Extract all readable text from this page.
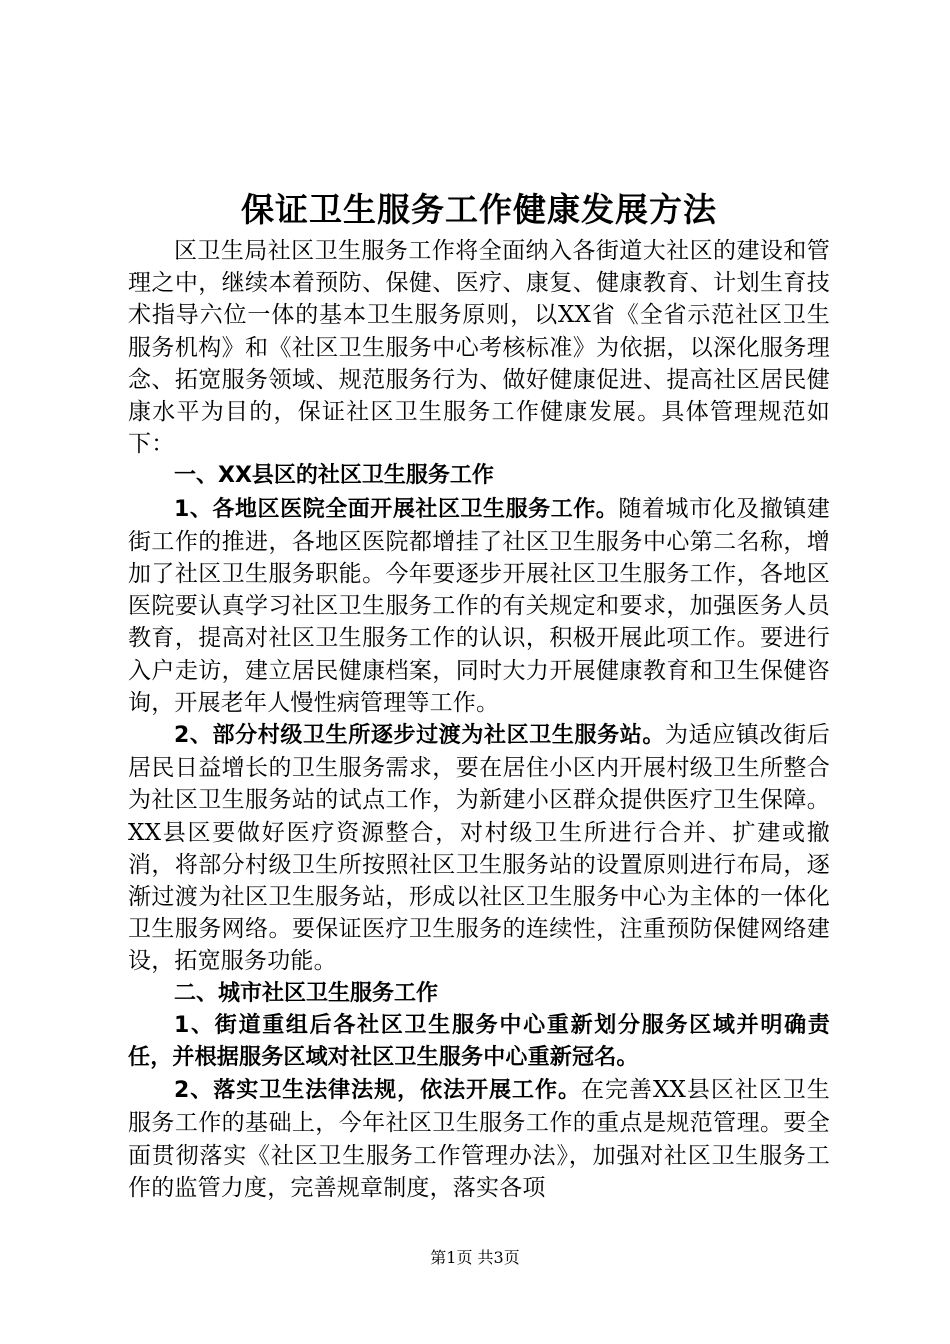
保证卫生服务工作健康发展方法

区卫生局社区卫生服务工作将全面纳入各街道大社区的建设和管理之中，继续本着预防、保健、医疗、康复、健康教育、计划生育技术指导六位一体的基本卫生服务原则，以XX省《全省示范社区卫生服务机构》和《社区卫生服务中心考核标准》为依据，以深化服务理念、拓宽服务领域、规范服务行为、做好健康促进、提高社区居民健康水平为目的，保证社区卫生服务工作健康发展。具体管理规范如下：

一、XX县区的社区卫生服务工作

1、各地区医院全面开展社区卫生服务工作。随着城市化及撤镇建街工作的推进，各地区医院都增挂了社区卫生服务中心第二名称，增加了社区卫生服务职能。今年要逐步开展社区卫生服务工作，各地区医院要认真学习社区卫生服务工作的有关规定和要求，加强医务人员教育，提高对社区卫生服务工作的认识，积极开展此项工作。要进行入户走访，建立居民健康档案，同时大力开展健康教育和卫生保健咨询，开展老年人慢性病管理等工作。

2、部分村级卫生所逐步过渡为社区卫生服务站。为适应镇改街后居民日益增长的卫生服务需求，要在居住小区内开展村级卫生所整合为社区卫生服务站的试点工作，为新建小区群众提供医疗卫生保障。XX县区要做好医疗资源整合，对村级卫生所进行合并、扩建或撤消，将部分村级卫生所按照社区卫生服务站的设置原则进行布局，逐渐过渡为社区卫生服务站，形成以社区卫生服务中心为主体的一体化卫生服务网络。要保证医疗卫生服务的连续性，注重预防保健网络建设，拓宽服务功能。

二、城市社区卫生服务工作

1、街道重组后各社区卫生服务中心重新划分服务区域并明确责任，并根据服务区域对社区卫生服务中心重新冠名。

2、落实卫生法律法规，依法开展工作。在完善XX县区社区卫生服务工作的基础上，今年社区卫生服务工作的重点是规范管理。要全面贯彻落实《社区卫生服务工作管理办法》，加强对社区卫生服务工作的监管力度，完善规章制度，落实各项

第1页 共3页
